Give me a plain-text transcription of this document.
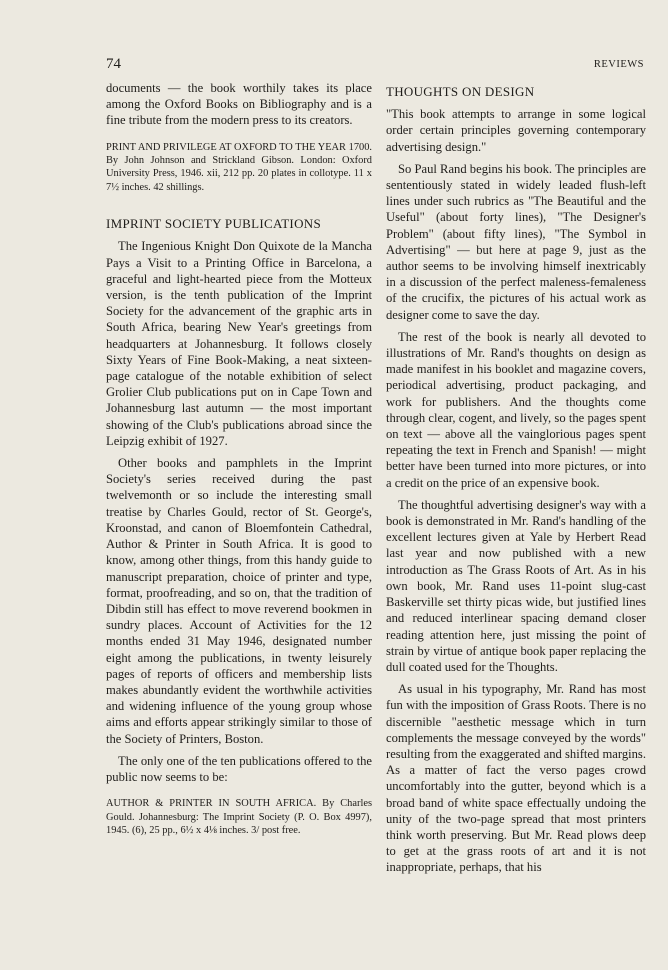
74	REVIEWS

documents — the book worthily takes its place among the Oxford Books on Bibliography and is a fine tribute from the modern press to its creators.

PRINT AND PRIVILEGE AT OXFORD TO THE YEAR 1700. By John Johnson and Strickland Gibson. London: Oxford University Press, 1946. xii, 212 pp. 20 plates in collotype. 11 x 7½ inches. 42 shillings.

IMPRINT SOCIETY PUBLICATIONS

The Ingenious Knight Don Quixote de la Mancha Pays a Visit to a Printing Office in Barcelona, a graceful and light-hearted piece from the Motteux version, is the tenth publication of the Imprint Society for the advancement of the graphic arts in South Africa, bearing New Year's greetings from headquarters at Johannesburg. It follows closely Sixty Years of Fine Book-Making, a neat sixteen-page catalogue of the notable exhibition of select Grolier Club publications put on in Cape Town and Johannesburg last autumn — the most important showing of the Club's publications abroad since the Leipzig exhibit of 1927.

Other books and pamphlets in the Imprint Society's series received during the past twelvemonth or so include the interesting small treatise by Charles Gould, rector of St. George's, Kroonstad, and canon of Bloemfontein Cathedral, Author & Printer in South Africa. It is good to know, among other things, from this handy guide to manuscript preparation, choice of printer and type, format, proofreading, and so on, that the tradition of Dibdin still has effect to move reverend bookmen in sundry places. Account of Activities for the 12 months ended 31 May 1946, designated number eight among the publications, in twenty leisurely pages of reports of officers and membership lists makes abundantly evident the worthwhile activities and widening influence of the young group whose aims and efforts appear strikingly similar to those of the Society of Printers, Boston.

The only one of the ten publications offered to the public now seems to be:

AUTHOR & PRINTER IN SOUTH AFRICA. By Charles Gould. Johannesburg: The Imprint Society (P. O. Box 4997), 1945. (6), 25 pp., 6½ x 4⅛ inches. 3/ post free.

THOUGHTS ON DESIGN

"This book attempts to arrange in some logical order certain principles governing contemporary advertising design."

So Paul Rand begins his book. The principles are sententiously stated in widely leaded flush-left lines under such rubrics as "The Beautiful and the Useful" (about forty lines), "The Designer's Problem" (about fifty lines), "The Symbol in Advertising" — but here at page 9, just as the author seems to be involving himself inextricably in a discussion of the perfect maleness-femaleness of the crucifix, the pictures of his actual work as designer come to save the day.

The rest of the book is nearly all devoted to illustrations of Mr. Rand's thoughts on design as made manifest in his booklet and magazine covers, periodical advertising, product packaging, and work for publishers. And the thoughts come through clear, cogent, and lively, so the pages spent on text — above all the vainglorious pages spent repeating the text in French and Spanish! — might better have been turned into more pictures, or into a credit on the price of an expensive book.

The thoughtful advertising designer's way with a book is demonstrated in Mr. Rand's handling of the excellent lectures given at Yale by Herbert Read last year and now published with a new introduction as The Grass Roots of Art. As in his own book, Mr. Rand uses 11-point slug-cast Baskerville set thirty picas wide, but justified lines and reduced interlinear spacing demand closer reading attention here, just missing the point of strain by virtue of antique book paper replacing the dull coated used for the Thoughts.

As usual in his typography, Mr. Rand has most fun with the imposition of Grass Roots. There is no discernible "aesthetic message which in turn complements the message conveyed by the words" resulting from the exaggerated and shifted margins. As a matter of fact the verso pages crowd uncomfortably into the gutter, beyond which is a broad band of white space effectually undoing the unity of the two-page spread that most printers think worth preserving. But Mr. Read plows deep to get at the grass roots of art and it is not inappropriate, perhaps, that his
